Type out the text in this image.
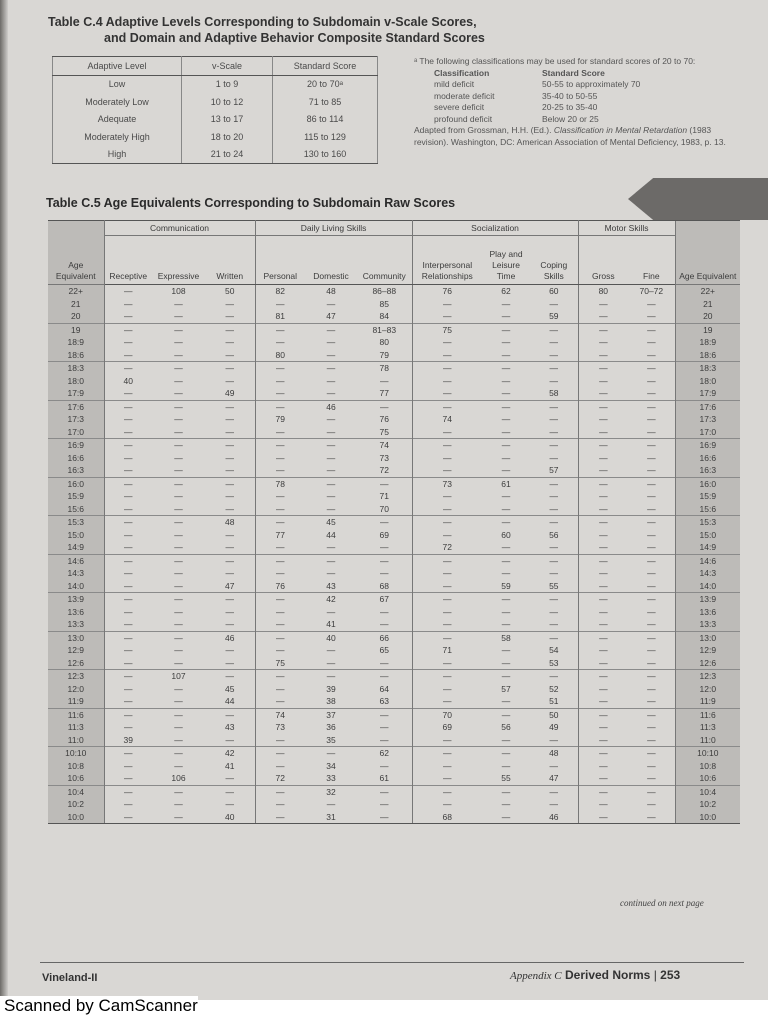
Table C.4 Adaptive Levels Corresponding to Subdomain v-Scale Scores,
and Domain and Adaptive Behavior Composite Standard Scores
Adaptive Level	v-Scale	Standard Score
Low	1 to 9	20 to 70ᵃ
Moderately Low	10 to 12	71 to 85
Adequate	13 to 17	86 to 114
Moderately High	18 to 20	115 to 129
High	21 to 24	130 to 160
ᵃ The following classifications may be used for standard scores of 20 to 70:
Classification	Standard Score
mild deficit	50-55 to approximately 70
moderate deficit	35-40 to 50-55
severe deficit	20-25 to 35-40
profound deficit	Below 20 or 25
Adapted from Grossman, H.H. (Ed.). Classification in Mental Retardation (1983 revision). Washington, DC: American Association of Mental Deficiency, 1983, p. 13.
Table C.5 Age Equivalents Corresponding to Subdomain Raw Scores
Age Equivalent	Communication			Daily Living Skills			Socialization			Motor Skills		Age Equivalent
	Receptive	Expressive	Written	Personal	Domestic	Community	Interpersonal Relationships	Play and Leisure Time	Coping Skills	Gross	Fine	
22+	—	108	50	82	48	86–88	76	62	60	80	70–72	22+
21	—	—	—	—	—	85	—	—	—	—	—	21
20	—	—	—	81	47	84	—	—	59	—	—	20
19	—	—	—	—	—	81–83	75	—	—	—	—	19
18:9	—	—	—	—	—	80	—	—	—	—	—	18:9
18:6	—	—	—	80	—	79	—	—	—	—	—	18:6
18:3	—	—	—	—	—	78	—	—	—	—	—	18:3
18:0	40	—	—	—	—	—	—	—	—	—	—	18:0
17:9	—	—	49	—	—	77	—	—	58	—	—	17:9
17:6	—	—	—	—	46	—	—	—	—	—	—	17:6
17:3	—	—	—	79	—	76	74	—	—	—	—	17:3
17:0	—	—	—	—	—	75	—	—	—	—	—	17:0
16:9	—	—	—	—	—	74	—	—	—	—	—	16:9
16:6	—	—	—	—	—	73	—	—	—	—	—	16:6
16:3	—	—	—	—	—	72	—	—	57	—	—	16:3
16:0	—	—	—	78	—	—	73	61	—	—	—	16:0
15:9	—	—	—	—	—	71	—	—	—	—	—	15:9
15:6	—	—	—	—	—	70	—	—	—	—	—	15:6
15:3	—	—	48	—	45	—	—	—	—	—	—	15:3
15:0	—	—	—	77	44	69	—	60	56	—	—	15:0
14:9	—	—	—	—	—	—	72	—	—	—	—	14:9
14:6	—	—	—	—	—	—	—	—	—	—	—	14:6
14:3	—	—	—	—	—	—	—	—	—	—	—	14:3
14:0	—	—	47	76	43	68	—	59	55	—	—	14:0
13:9	—	—	—	—	42	67	—	—	—	—	—	13:9
13:6	—	—	—	—	—	—	—	—	—	—	—	13:6
13:3	—	—	—	—	41	—	—	—	—	—	—	13:3
13:0	—	—	46	—	40	66	—	58	—	—	—	13:0
12:9	—	—	—	—	—	65	71	—	54	—	—	12:9
12:6	—	—	—	75	—	—	—	—	53	—	—	12:6
12:3	—	107	—	—	—	—	—	—	—	—	—	12:3
12:0	—	—	45	—	39	64	—	57	52	—	—	12:0
11:9	—	—	44	—	38	63	—	—	51	—	—	11:9
11:6	—	—	—	74	37	—	70	—	50	—	—	11:6
11:3	—	—	43	73	36	—	69	56	49	—	—	11:3
11:0	39	—	—	—	35	—	—	—	—	—	—	11:0
10:10	—	—	42	—	—	62	—	—	48	—	—	10:10
10:8	—	—	41	—	34	—	—	—	—	—	—	10:8
10:6	—	106	—	72	33	61	—	55	47	—	—	10:6
10:4	—	—	—	—	32	—	—	—	—	—	—	10:4
10:2	—	—	—	—	—	—	—	—	—	—	—	10:2
10:0	—	—	40	—	31	—	68	—	46	—	—	10:0
continued on next page
Vineland-II	Appendix C Derived Norms | 253
Scanned by CamScanner
